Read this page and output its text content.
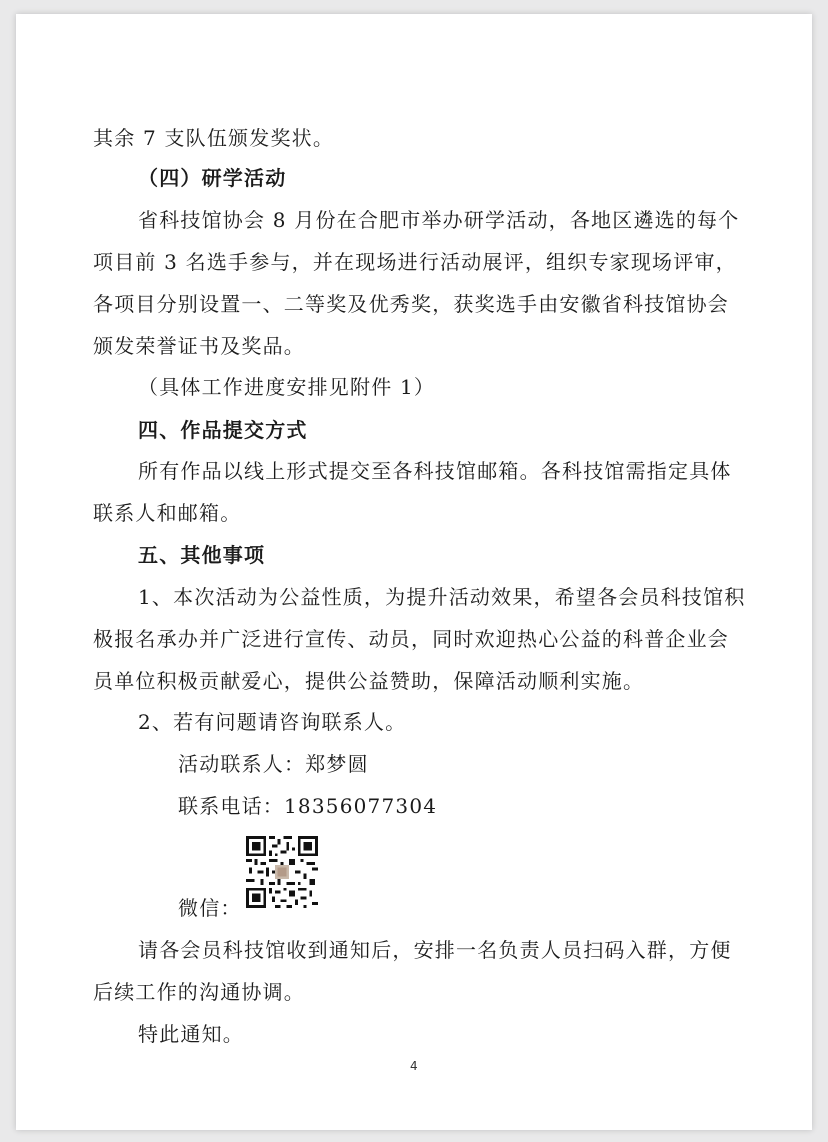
其余 7 支队伍颁发奖状。
（四）研学活动
省科技馆协会 8 月份在合肥市举办研学活动，各地区遴选的每个
项目前 3 名选手参与，并在现场进行活动展评，组织专家现场评审，
各项目分别设置一、二等奖及优秀奖，获奖选手由安徽省科技馆协会
颁发荣誉证书及奖品。
（具体工作进度安排见附件 1）
四、作品提交方式
所有作品以线上形式提交至各科技馆邮箱。各科技馆需指定具体
联系人和邮箱。
五、其他事项
1、本次活动为公益性质，为提升活动效果，希望各会员科技馆积
极报名承办并广泛进行宣传、动员，同时欢迎热心公益的科普企业会
员单位积极贡献爱心，提供公益赞助，保障活动顺利实施。
2、若有问题请咨询联系人。
活动联系人：郑梦圆
联系电话：18356077304
微信：
请各会员科技馆收到通知后，安排一名负责人员扫码入群，方便
后续工作的沟通协调。
特此通知。
4
